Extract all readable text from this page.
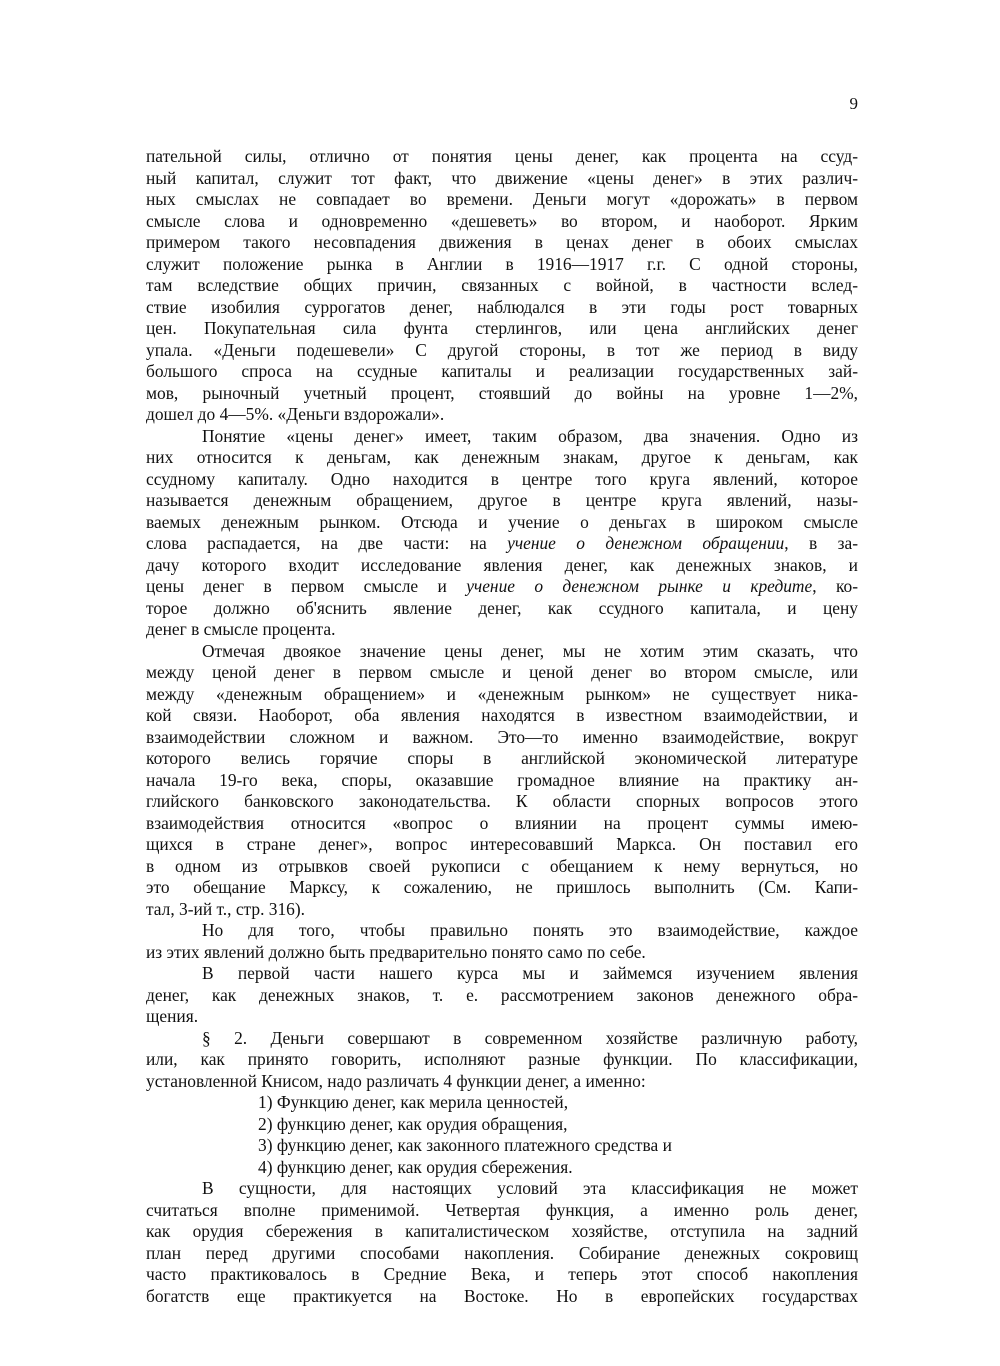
9
пательной силы, отлично от понятия цены денег, как процента на ссуд-
ный капитал, служит тот факт, что движение «цены денег» в этих различ-
ных смыслах не совпадает во времени. Деньги могут «дорожать» в первом
смысле слова и одновременно «дешеветь» во втором, и наоборот. Ярким
примером такого несовпадения движения в ценах денег в обоих смыслах
служит положение рынка в Англии в 1916—1917 г.г. С одной стороны,
там вследствие общих причин, связанных с войной, в частности вслед-
ствие изобилия суррогатов денег, наблюдался в эти годы рост товарных
цен. Покупательная сила фунта стерлингов, или цена английских денег
упала. «Деньги подешевели» С другой стороны, в тот же период в виду
большого спроса на ссудные капиталы и реализации государственных зай-
мов, рыночный учетный процент, стоявший до войны на уровне 1—2%,
дошел до 4—5%. «Деньги вздорожали».
Понятие «цены денег» имеет, таким образом, два значения. Одно из
них относится к деньгам, как денежным знакам, другое к деньгам, как
ссудному капиталу. Одно находится в центре того круга явлений, которое
называется денежным обращением, другое в центре круга явлений, назы-
ваемых денежным рынком. Отсюда и учение о деньгах в широком смысле
слова распадается, на две части: на учение о денежном обращении, в за-
дачу которого входит исследование явления денег, как денежных знаков, и
цены денег в первом смысле и учение о денежном рынке и кредите, ко-
торое должно об'яснить явление денег, как ссудного капитала, и цену
денег в смысле процента.
Отмечая двоякое значение цены денег, мы не хотим этим сказать, что
между ценой денег в первом смысле и ценой денег во втором смысле, или
между «денежным обращением» и «денежным рынком» не существует никa-
кой связи. Наоборот, оба явления находятся в известном взаимодействии, и
взаимодействии сложном и важном. Это—то именно взаимодействие, вокруг
которого велись горячие споры в английской экономической литературе
начала 19-го века, споры, оказавшие громадное влияние на практику ан-
глийского банковского законодательства. К области спорных вопросов этого
взаимодействия относится «вопрос о влиянии на процент суммы имею-
щихся в стране денег», вопрос интересовавший Маркса. Он поставил его
в одном из отрывков своей рукописи с обещанием к нему вернуться, но
это обещание Марксу, к сожалению, не пришлось выполнить (См. Капи-
тал, 3-ий т., стр. 316).
Но для того, чтобы правильно понять это взаимодействие, каждое
из этих явлений должно быть предварительно понято само по себе.
В первой части нашего курса мы и займемся изучением явления
денег, как денежных знаков, т. е. рассмотрением законов денежного обра-
щения.
§ 2. Деньги совершают в современном хозяйстве различную работу,
или, как принято говорить, исполняют разные функции. По классификации,
установленной Книсом, надо различать 4 функции денег, а именно:
1) Функцию денег, как мерила ценностей,
2) функцию денег, как орудия обращения,
3) функцию денег, как законного платежного средства и
4) функцию денег, как орудия сбережения.
В сущности, для настоящих условий эта классификация не может
считаться вполне применимой. Четвертая функция, а именно роль денег,
как орудия сбережения в капиталистическом хозяйстве, отступила на задний
план перед другими способами накопления. Собирание денежных сокровищ
часто практиковалось в Средние Века, и теперь этот способ накопления
богатств еще практикуется на Востоке. Но в европейских государствах
